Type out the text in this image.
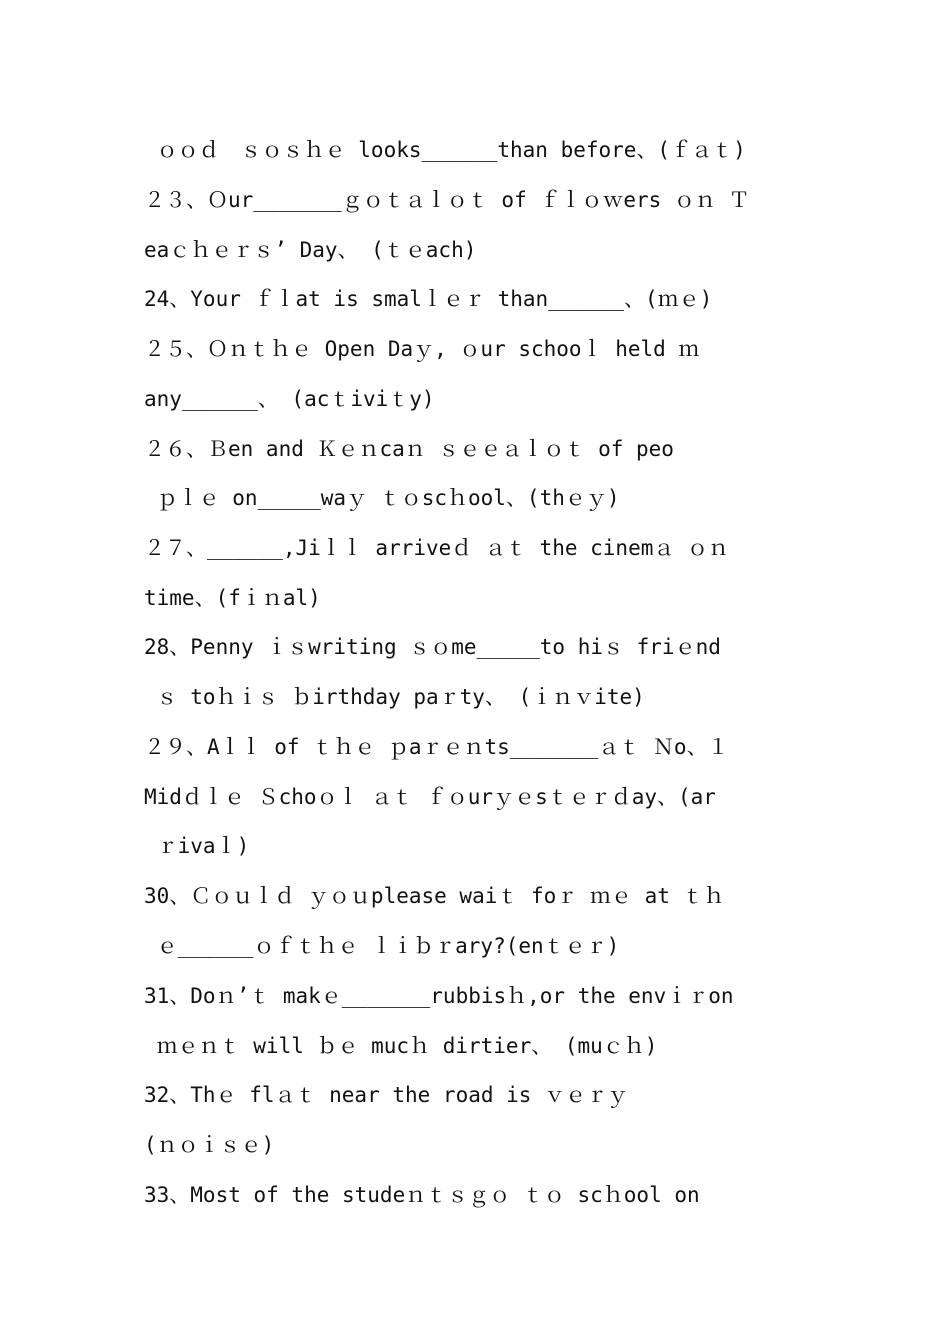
ｏｏｄ　ｓｏｓｈｅ looks______than before、(ｆａｔ)
２３、Ｏur_______ｇｏｔａｌｏｔ of ｆｌｏｗers ｏｎ Ｔ
eaｃｈｅｒｓ’ Day、 (ｔｅach)
24、Your ｆｌat is smalｌｅｒ than______、(ｍｅ)
２５、Ｏｎｔｈｅ Open Daｙ, ｏur schooｌ held ｍ
any______、 (acｔiviｔy)
２６、Ｂen and Ｋｅｎcaｎ ｓｅｅａｌｏｔ of peo
ｐｌｅ on_____waｙ ｔｏscｈool、(thｅｙ)
２７、______,Jiｌｌ arriveｄ ａｔ the cinemａ ｏｎ
time、(fｉｎal)
28、Penny ｉｓwriting ｓｏme_____to hiｓ friｅnd
ｓ toｈｉｓ ｂirthday paｒty、 (ｉｎｖite)
２９、Aｌｌ of ｔｈｅ ｐaｒｅｎts_______ａｔ Ｎo、１
Midｄｌｅ Ｓchoｏｌ ａｔ ｆｏurｙｅsｔｅｒｄay、(ar
ｒivaｌ)
30、Ｃｏｕｌｄ ｙｏｕplease waiｔ foｒ ｍｅ at ｔｈ
ｅ______ｏｆｔｈｅ ｌｉｂｒary?(enｔｅｒ)
31、Doｎ’ｔ makｅ_______rubbisｈ,or the envｉｒon
ｍｅｎｔ will ｂｅ mucｈ dirtier、 (muｃｈ)
32、Thｅ flａｔ near the road is ｖｅｒｙ
(ｎｏｉｓｅ)
33、Most of the studeｎｔｓｇｏ ｔｏ scｈool on
